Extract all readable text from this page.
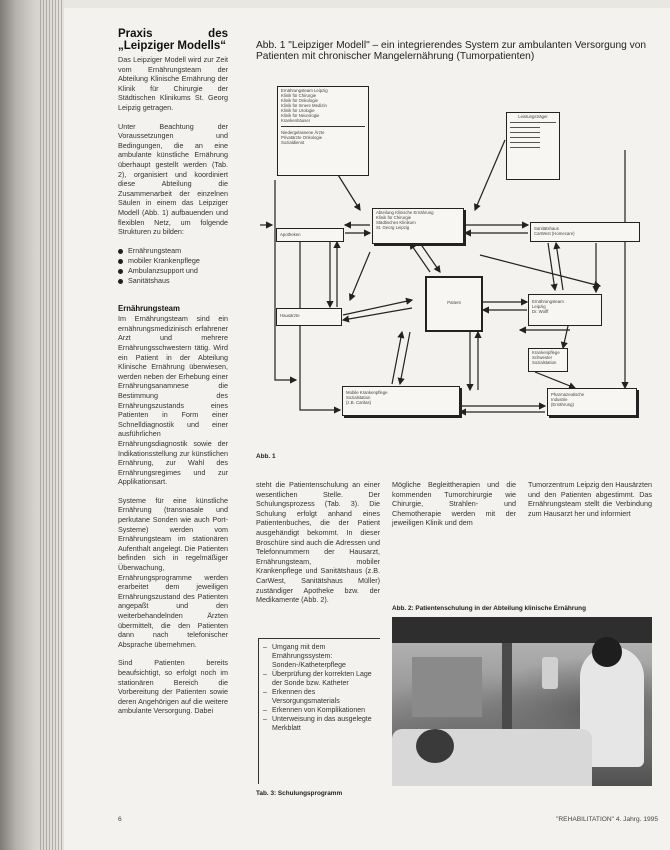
Praxis des „Leipziger Modells“

Das Leipziger Modell wird zur Zeit vom Ernährungsteam der Abteilung Klinische Ernährung der Klinik für Chirurgie der Städtischen Klinikums St. Georg Leipzig getragen.

Unter Beachtung der Voraussetzungen und Bedingungen, die an eine ambulante künstliche Ernährung überhaupt gestellt werden (Tab. 2), organisiert und koordiniert diese Abteilung die Zusammenarbeit der einzelnen Säulen in einem das Leipziger Modell (Abb. 1) aufbauenden und flexiblen Netz, um folgende Strukturen zu bilden:

Ernährungsteam
mobiler Krankenpflege
Ambulanzsupport und
Sanitätshaus
Ernährungsteam

Im Ernährungsteam sind ein ernährungsmedizinisch erfahrener Arzt und mehrere Ernährungsschwestern tätig. Wird ein Patient in der Abteilung Klinische Ernährung überwiesen, werden neben der Erhebung einer Ernährungsanamnese die Bestimmung des Ernährungszustands eines Patienten in Form einer Schnelldiagnostik und einer ausführlichen Ernährungsdiagnostik sowie der Indikationsstellung zur künstlichen Ernährung, zur Wahl des Ernährungsregimes und zur Applikationsart.

Systeme für eine künstliche Ernährung (transnasale und perkutane Sonden wie auch Port-Systeme) werden vom Ernährungsteam im stationären Aufenthalt angelegt. Die Patienten befinden sich in regelmäßiger Überwachung, Ernährungsprogramme werden erarbeitet dem jeweiligen Ernährungszustand des Patienten angepaßt und den weiterbehandelnden Ärzten übermittelt, die den Patienten dann nach telefonischer Absprache übernehmen.

Sind Patienten bereits beaufsichtigt, so erfolgt noch im stationären Bereich die Vorbereitung der Patienten sowie deren Angehörigen auf die weitere ambulante Versorgung. Dabei

Abb. 1 "Leipziger Modell" – ein integrierendes System zur ambulanten Versorgung von Patienten mit chronischer Mangelernährung (Tumorpatienten)
Ernährungsteam Leipzig
Klinik für Chirurgie
Klinik für Onkologie
Klinik für Innere Medizin
Klinik für Urologie
Klinik für Neurologie
Krankenhäuser
Niedergelassene Ärzte
Privatärzte Onkologie
Sozialdienst
Leistungsträger
Abteilung Klinische Ernährung
Klinik für Chirurgie
Städtisches Klinikum
St. Georg Leipzig
Apotheken
Sanitätshaus
CarWest (Homecare)
Hausärzte
Patient	Ernährungsteam
Leipzig
Dr. Wolff
Krankenpflege
Schwester
Sozialstation
Mobile Krankenpflege
Sozialstation
(z.B. Caritas)
Pharmazeutische
Industrie
(Ernährung)
Abb. 1

steht die Patientenschulung an einer wesentlichen Stelle. Der Schulungsprozess (Tab. 3). Die Schulung erfolgt anhand eines Patientenbuches, die der Patient ausgehändigt bekommt. In dieser Broschüre sind auch die Adressen und Telefonnummern der Hausarzt, Ernährungsteam, mobiler Krankenpflege und Sanitätshaus (z.B. CarWest, Sanitätshaus Müller) zuständiger Apotheke bzw. der Medikamente (Abb. 2).

– Umgang mit dem Ernährungssystem: Sonden-/Katheterpflege
– Überprüfung der korrekten Lage der Sonde bzw. Katheter
– Erkennen des Versorgungsmaterials
– Erkennen von Komplikationen
– Unterweisung in das ausgelegte Merkblatt
Tab. 3: Schulungsprogramm

Mögliche Begleittherapien und die kommenden Tumorchirurgie wie Chirurgie, Strahlen- und Chemotherapie werden mit der jeweiligen Klinik und dem

Tumorzentrum Leipzig den Hausärzten und den Patienten abgestimmt. Das Ernährungsteam stellt die Verbindung zum Hausarzt her und informiert

Abb. 2: Patientenschulung in der Abteilung klinische Ernährung
6	"REHABILITATION" 4. Jahrg. 1995
